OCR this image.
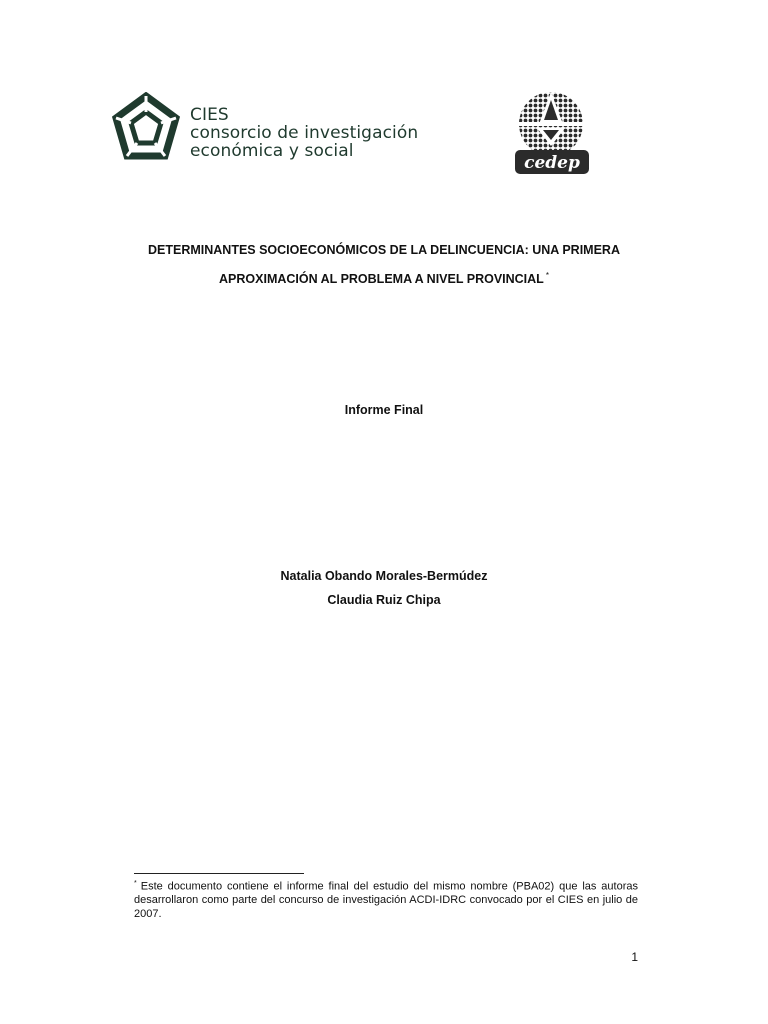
CIES
consorcio de investigación
económica y social
cedep
DETERMINANTES SOCIOECONÓMICOS DE LA DELINCUENCIA: UNA PRIMERA
APROXIMACIÓN AL PROBLEMA A NIVEL PROVINCIAL *
Informe Final
Natalia Obando Morales-Bermúdez
Claudia Ruiz Chipa
* Este documento contiene el informe final del estudio del mismo nombre (PBA02) que las autoras desarrollaron como parte del concurso de investigación ACDI-IDRC convocado por el CIES en julio de 2007.
1
